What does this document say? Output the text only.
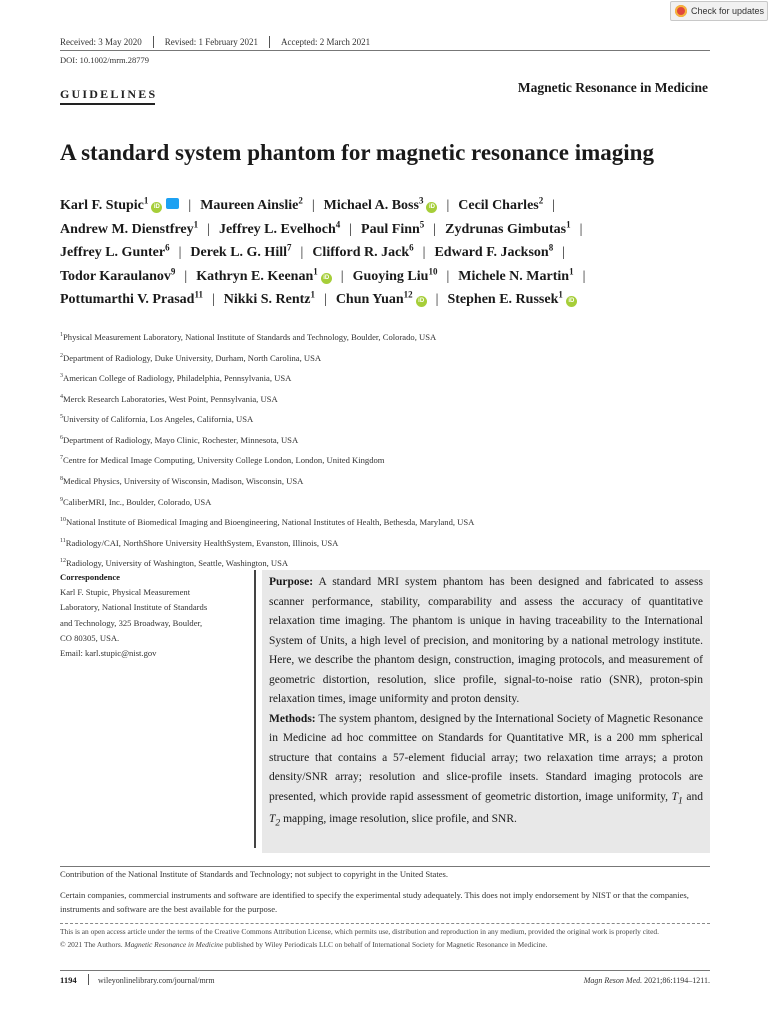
Check for updates
Received: 3 May 2020	Revised: 1 February 2021	Accepted: 2 March 2021
DOI: 10.1002/mrm.28779
GUIDELINES	Magnetic Resonance in Medicine
A standard system phantom for magnetic resonance imaging
Karl F. Stupic$^1$iD | Maureen Ainslie$^2$ | Michael A. Boss$^3$iD | Cecil Charles$^2$ |
Andrew M. Dienstfrey$^1$ | Jeffrey L. Evelhoch$^4$ | Paul Finn$^5$ | Zydrunas Gimbutas$^1$ |
Jeffrey L. Gunter$^6$ | Derek L. G. Hill$^7$ | Clifford R. Jack$^6$ | Edward F. Jackson$^8$ |
Todor Karaulanov$^9$ | Kathryn E. Keenan$^1$iD | Guoying Liu$^{10}$ | Michele N. Martin$^1$ |
Pottumarthi V. Prasad$^{11}$ | Nikki S. Rentz$^1$ | Chun Yuan$^{12}$iD | Stephen E. Russek$^1$iD
$^1$Physical Measurement Laboratory, National Institute of Standards and Technology, Boulder, Colorado, USA
$^2$Department of Radiology, Duke University, Durham, North Carolina, USA
$^3$American College of Radiology, Philadelphia, Pennsylvania, USA
$^4$Merck Research Laboratories, West Point, Pennsylvania, USA
$^5$University of California, Los Angeles, California, USA
$^6$Department of Radiology, Mayo Clinic, Rochester, Minnesota, USA
$^7$Centre for Medical Image Computing, University College London, London, United Kingdom
$^8$Medical Physics, University of Wisconsin, Madison, Wisconsin, USA
$^9$CaliberMRI, Inc., Boulder, Colorado, USA
$^{10}$National Institute of Biomedical Imaging and Bioengineering, National Institutes of Health, Bethesda, Maryland, USA
$^{11}$Radiology/CAI, NorthShore University HealthSystem, Evanston, Illinois, USA
$^{12}$Radiology, University of Washington, Seattle, Washington, USA
Correspondence
Karl F. Stupic, Physical Measurement
Laboratory, National Institute of Standards
and Technology, 325 Broadway, Boulder,
CO 80305, USA.
Email: karl.stupic@nist.gov

Purpose: A standard MRI system phantom has been designed and fabricated to assess scanner performance, stability, comparability and assess the accuracy of quantitative relaxation time imaging. The phantom is unique in having traceability to the International System of Units, a high level of precision, and monitoring by a national metrology institute. Here, we describe the phantom design, construction, imaging protocols, and measurement of geometric distortion, resolution, slice profile, signal-to-noise ratio (SNR), proton-spin relaxation times, image uniformity and proton density.

Methods: The system phantom, designed by the International Society of Magnetic Resonance in Medicine ad hoc committee on Standards for Quantitative MR, is a 200 mm spherical structure that contains a 57-element fiducial array; two relaxation time arrays; a proton density/SNR array; resolution and slice-profile insets. Standard imaging protocols are presented, which provide rapid assessment of geometric distortion, image uniformity, $T_1$ and $T_2$ mapping, image resolution, slice profile, and SNR.

Contribution of the National Institute of Standards and Technology; not subject to copyright in the United States.
Certain companies, commercial instruments and software are identified to specify the experimental study adequately. This does not imply endorsement by NIST or that the companies, instruments and software are the best available for the purpose.
This is an open access article under the terms of the Creative Commons Attribution License, which permits use, distribution and reproduction in any medium, provided the original work is properly cited.
© 2021 The Authors. Magnetic Resonance in Medicine published by Wiley Periodicals LLC on behalf of International Society for Magnetic Resonance in Medicine.
1194	wileyonlinelibrary.com/journal/mrm	Magn Reson Med. 2021;86:1194–1211.
